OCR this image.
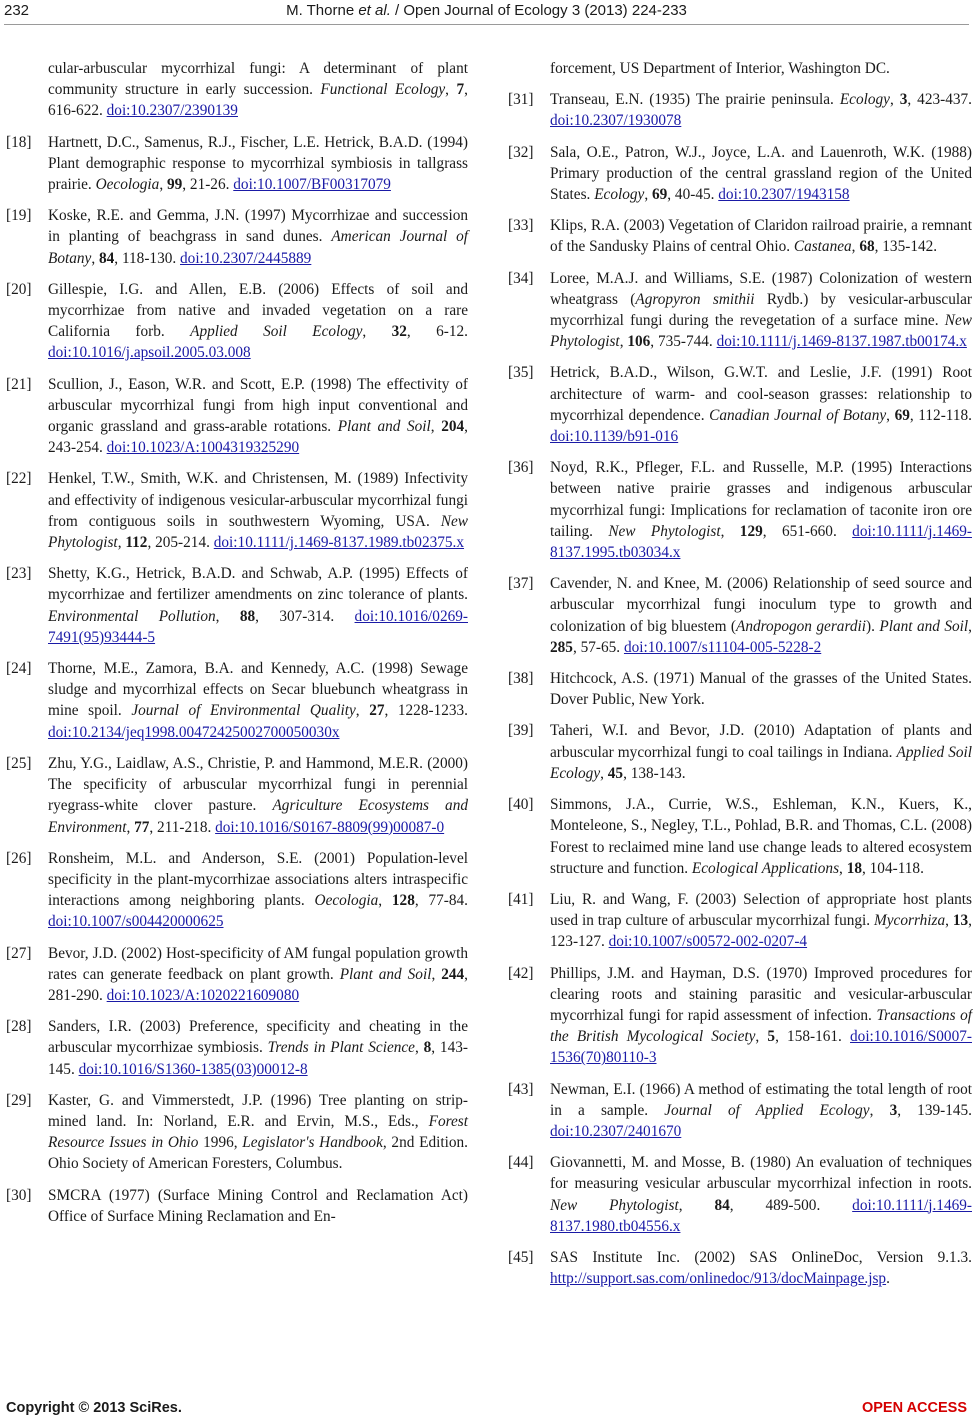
232	M. Thorne et al. / Open Journal of Ecology 3 (2013) 224-233
cular-arbuscular mycorrhizal fungi: A determinant of plant community structure in early succession. Functional Ecology, 7, 616-622. doi:10.2307/2390139
[18] Hartnett, D.C., Samenus, R.J., Fischer, L.E. Hetrick, B.A.D. (1994) Plant demographic response to mycorrhizal symbiosis in tallgrass prairie. Oecologia, 99, 21-26. doi:10.1007/BF00317079
[19] Koske, R.E. and Gemma, J.N. (1997) Mycorrhizae and succession in planting of beachgrass in sand dunes. American Journal of Botany, 84, 118-130. doi:10.2307/2445889
[20] Gillespie, I.G. and Allen, E.B. (2006) Effects of soil and mycorrhizae from native and invaded vegetation on a rare California forb. Applied Soil Ecology, 32, 6-12. doi:10.1016/j.apsoil.2005.03.008
[21] Scullion, J., Eason, W.R. and Scott, E.P. (1998) The effectivity of arbuscular mycorrhizal fungi from high input conventional and organic grassland and grass-arable rotations. Plant and Soil, 204, 243-254. doi:10.1023/A:1004319325290
[22] Henkel, T.W., Smith, W.K. and Christensen, M. (1989) Infectivity and effectivity of indigenous vesicular-arbuscular mycorrhizal fungi from contiguous soils in southwestern Wyoming, USA. New Phytologist, 112, 205-214. doi:10.1111/j.1469-8137.1989.tb02375.x
[23] Shetty, K.G., Hetrick, B.A.D. and Schwab, A.P. (1995) Effects of mycorrhizae and fertilizer amendments on zinc tolerance of plants. Environmental Pollution, 88, 307-314. doi:10.1016/0269-7491(95)93444-5
[24] Thorne, M.E., Zamora, B.A. and Kennedy, A.C. (1998) Sewage sludge and mycorrhizal effects on Secar bluebunch wheatgrass in mine spoil. Journal of Environmental Quality, 27, 1228-1233. doi:10.2134/jeq1998.00472425002700050030x
[25] Zhu, Y.G., Laidlaw, A.S., Christie, P. and Hammond, M.E.R. (2000) The specificity of arbuscular mycorrhizal fungi in perennial ryegrass-white clover pasture. Agriculture Ecosystems and Environment, 77, 211-218. doi:10.1016/S0167-8809(99)00087-0
[26] Ronsheim, M.L. and Anderson, S.E. (2001) Population-level specificity in the plant-mycorrhizae associations alters intraspecific interactions among neighboring plants. Oecologia, 128, 77-84. doi:10.1007/s004420000625
[27] Bevor, J.D. (2002) Host-specificity of AM fungal population growth rates can generate feedback on plant growth. Plant and Soil, 244, 281-290. doi:10.1023/A:1020221609080
[28] Sanders, I.R. (2003) Preference, specificity and cheating in the arbuscular mycorrhizae symbiosis. Trends in Plant Science, 8, 143-145. doi:10.1016/S1360-1385(03)00012-8
[29] Kaster, G. and Vimmerstedt, J.P. (1996) Tree planting on strip-mined land. In: Norland, E.R. and Ervin, M.S., Eds., Forest Resource Issues in Ohio 1996, Legislator's Handbook, 2nd Edition. Ohio Society of American Foresters, Columbus.
[30] SMCRA (1977) (Surface Mining Control and Reclamation Act) Office of Surface Mining Reclamation and En-
forcement, US Department of Interior, Washington DC.
[31] Transeau, E.N. (1935) The prairie peninsula. Ecology, 3, 423-437. doi:10.2307/1930078
[32] Sala, O.E., Patron, W.J., Joyce, L.A. and Lauenroth, W.K. (1988) Primary production of the central grassland region of the United States. Ecology, 69, 40-45. doi:10.2307/1943158
[33] Klips, R.A. (2003) Vegetation of Claridon railroad prairie, a remnant of the Sandusky Plains of central Ohio. Castanea, 68, 135-142.
[34] Loree, M.A.J. and Williams, S.E. (1987) Colonization of western wheatgrass (Agropyron smithii Rydb.) by vesicular-arbuscular mycorrhizal fungi during the revegetation of a surface mine. New Phytologist, 106, 735-744. doi:10.1111/j.1469-8137.1987.tb00174.x
[35] Hetrick, B.A.D., Wilson, G.W.T. and Leslie, J.F. (1991) Root architecture of warm- and cool-season grasses: relationship to mycorrhizal dependence. Canadian Journal of Botany, 69, 112-118. doi:10.1139/b91-016
[36] Noyd, R.K., Pfleger, F.L. and Russelle, M.P. (1995) Interactions between native prairie grasses and indigenous arbuscular mycorrhizal fungi: Implications for reclamation of taconite iron ore tailing. New Phytologist, 129, 651-660. doi:10.1111/j.1469-8137.1995.tb03034.x
[37] Cavender, N. and Knee, M. (2006) Relationship of seed source and arbuscular mycorrhizal fungi inoculum type to growth and colonization of big bluestem (Andropogon gerardii). Plant and Soil, 285, 57-65. doi:10.1007/s11104-005-5228-2
[38] Hitchcock, A.S. (1971) Manual of the grasses of the United States. Dover Public, New York.
[39] Taheri, W.I. and Bevor, J.D. (2010) Adaptation of plants and arbuscular mycorrhizal fungi to coal tailings in Indiana. Applied Soil Ecology, 45, 138-143.
[40] Simmons, J.A., Currie, W.S., Eshleman, K.N., Kuers, K., Monteleone, S., Negley, T.L., Pohlad, B.R. and Thomas, C.L. (2008) Forest to reclaimed mine land use change leads to altered ecosystem structure and function. Ecological Applications, 18, 104-118.
[41] Liu, R. and Wang, F. (2003) Selection of appropriate host plants used in trap culture of arbuscular mycorrhizal fungi. Mycorrhiza, 13, 123-127. doi:10.1007/s00572-002-0207-4
[42] Phillips, J.M. and Hayman, D.S. (1970) Improved procedures for clearing roots and staining parasitic and vesicular-arbuscular mycorrhizal fungi for rapid assessment of infection. Transactions of the British Mycological Society, 5, 158-161. doi:10.1016/S0007-1536(70)80110-3
[43] Newman, E.I. (1966) A method of estimating the total length of root in a sample. Journal of Applied Ecology, 3, 139-145. doi:10.2307/2401670
[44] Giovannetti, M. and Mosse, B. (1980) An evaluation of techniques for measuring vesicular arbuscular mycorrhizal infection in roots. New Phytologist, 84, 489-500. doi:10.1111/j.1469-8137.1980.tb04556.x
[45] SAS Institute Inc. (2002) SAS OnlineDoc, Version 9.1.3. http://support.sas.com/onlinedoc/913/docMainpage.jsp.
Copyright © 2013 SciRes.	OPEN ACCESS
